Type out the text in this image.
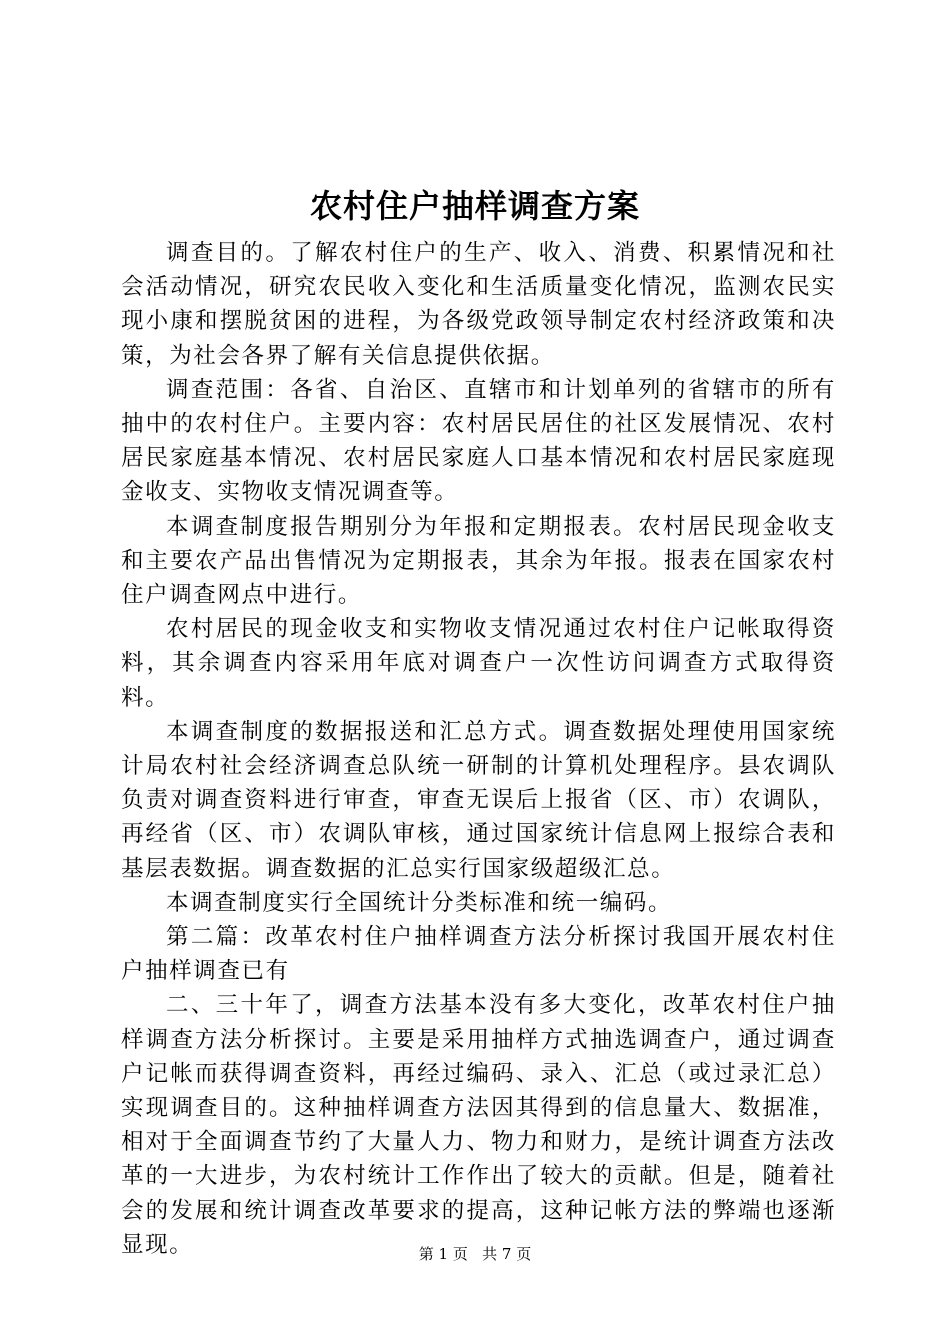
农村住户抽样调查方案

调查目的。了解农村住户的生产、收入、消费、积累情况和社会活动情况，研究农民收入变化和生活质量变化情况，监测农民实现小康和摆脱贫困的进程，为各级党政领导制定农村经济政策和决策，为社会各界了解有关信息提供依据。

调查范围：各省、自治区、直辖市和计划单列的省辖市的所有抽中的农村住户。主要内容：农村居民居住的社区发展情况、农村居民家庭基本情况、农村居民家庭人口基本情况和农村居民家庭现金收支、实物收支情况调查等。

本调查制度报告期别分为年报和定期报表。农村居民现金收支和主要农产品出售情况为定期报表，其余为年报。报表在国家农村住户调查网点中进行。

农村居民的现金收支和实物收支情况通过农村住户记帐取得资料，其余调查内容采用年底对调查户一次性访问调查方式取得资料。

本调查制度的数据报送和汇总方式。调查数据处理使用国家统计局农村社会经济调查总队统一研制的计算机处理程序。县农调队负责对调查资料进行审查，审查无误后上报省（区、市）农调队，再经省（区、市）农调队审核，通过国家统计信息网上报综合表和基层表数据。调查数据的汇总实行国家级超级汇总。

本调查制度实行全国统计分类标准和统一编码。

第二篇：改革农村住户抽样调查方法分析探讨我国开展农村住户抽样调查已有

二、三十年了，调查方法基本没有多大变化，改革农村住户抽样调查方法分析探讨。主要是采用抽样方式抽选调查户，通过调查户记帐而获得调查资料，再经过编码、录入、汇总（或过录汇总）实现调查目的。这种抽样调查方法因其得到的信息量大、数据准，相对于全面调查节约了大量人力、物力和财力，是统计调查方法改革的一大进步，为农村统计工作作出了较大的贡献。但是，随着社会的发展和统计调查改革要求的提高，这种记帐方法的弊端也逐渐显现。	第 1 页   共 7 页
